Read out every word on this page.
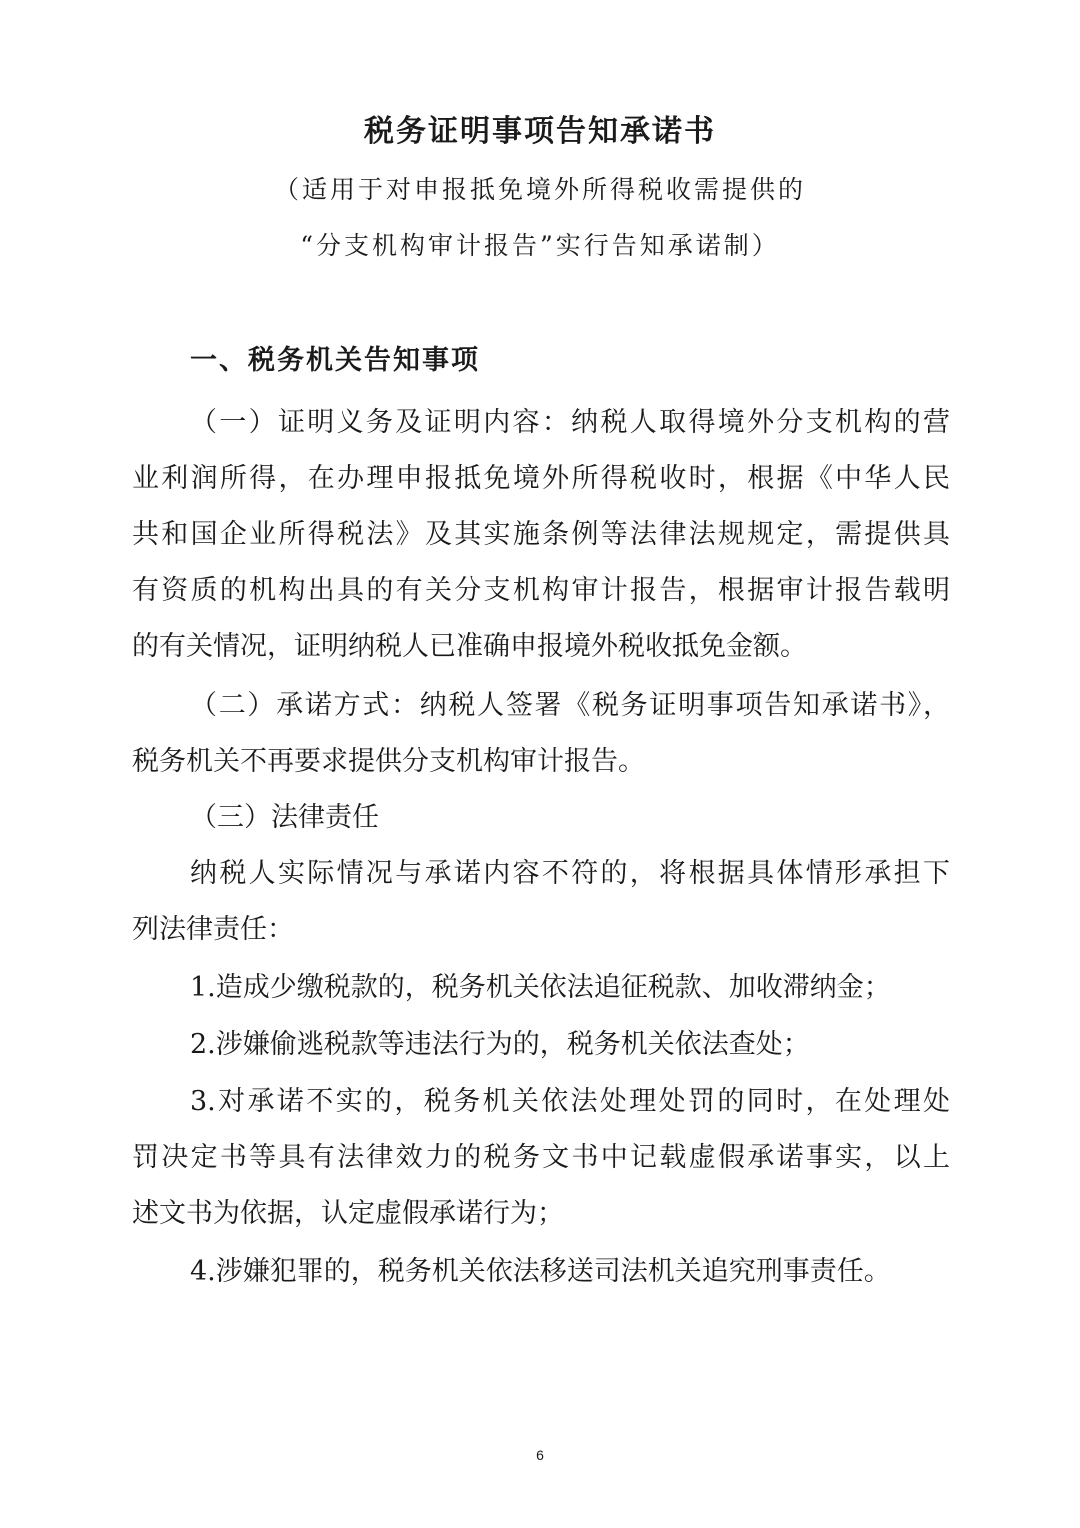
税务证明事项告知承诺书
（适用于对申报抵免境外所得税收需提供的
“分支机构审计报告”实行告知承诺制）
一、税务机关告知事项
（一）证明义务及证明内容：纳税人取得境外分支机构的营
业利润所得，在办理申报抵免境外所得税收时，根据《中华人民
共和国企业所得税法》及其实施条例等法律法规规定，需提供具
有资质的机构出具的有关分支机构审计报告，根据审计报告载明
的有关情况，证明纳税人已准确申报境外税收抵免金额。
（二）承诺方式：纳税人签署《税务证明事项告知承诺书》，
税务机关不再要求提供分支机构审计报告。
（三）法律责任
纳税人实际情况与承诺内容不符的，将根据具体情形承担下
列法律责任：
1.造成少缴税款的，税务机关依法追征税款、加收滞纳金；
2.涉嫌偷逃税款等违法行为的，税务机关依法查处；
3.对承诺不实的，税务机关依法处理处罚的同时，在处理处
罚决定书等具有法律效力的税务文书中记载虚假承诺事实，以上
述文书为依据，认定虚假承诺行为；
4.涉嫌犯罪的，税务机关依法移送司法机关追究刑事责任。
6
